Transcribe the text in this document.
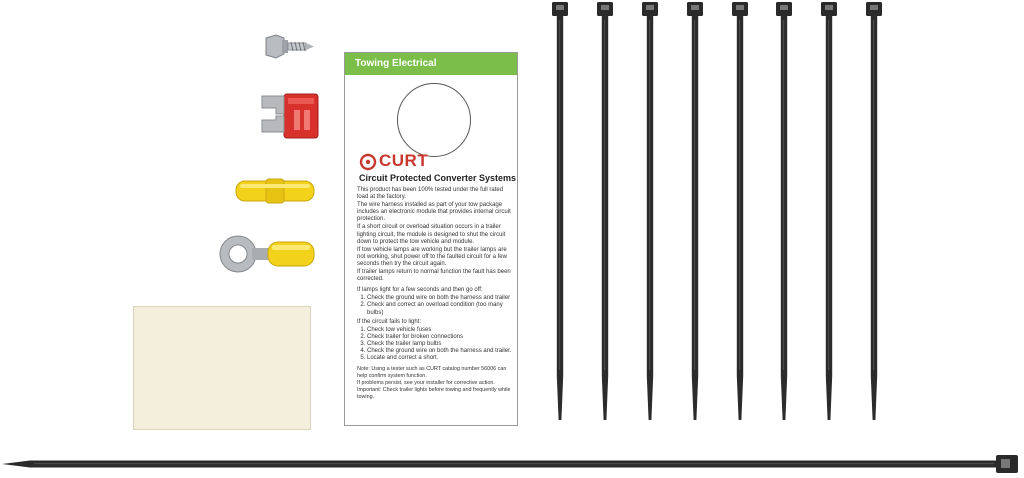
Towing Electrical
CURT
Circuit Protected Converter Systems

This product has been 100% tested under the full rated load at the factory.

The wire harness installed as part of your tow package includes an electronic module that provides internal circuit protection.

If a short circuit or overload situation occurs in a trailer lighting circuit, the module is designed to shut the circuit down to protect the tow vehicle and module.

If tow vehicle lamps are working but the trailer lamps are not working, shut power off to the faulted circuit for a few seconds then try the circuit again.

If trailer lamps return to normal function the fault has been corrected.

If lamps light for a few seconds and then go off:

1. Check the ground wire on both the harness and trailer
2. Check and correct an overload condition (too many bulbs)

If the circuit fails to light:

1. Check tow vehicle fuses
2. Check trailer for broken connections
3. Check the trailer lamp bulbs
4. Check the ground wire on both the harness and trailer.
5. Locate and correct a short.

Note: Using a tester such as CURT catalog number 56006 can help confirm system function.

If problems persist, see your installer for corrective action.

Important: Check trailer lights before towing and frequently while towing.
